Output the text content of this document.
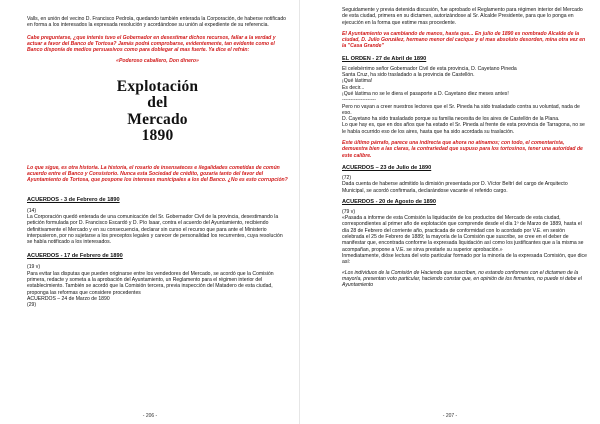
Valls, en unión del vecino D. Francisco Pedrola, quedando también enterada la Corporación, de haberse notificado en forma a los interesados la expresada resolución y acordándose su unión al expediente de su referencia.

Cabe preguntarse, ¿que interés tuvo el Gobernador en desestimar dichos recursos, fallar a la verdad y actuar a favor del Banco de Tortosa? Jamás podrá comprobarse, evidentemente, tan evidente como el Banco disponía de medios persuasivos como para doblegar al mas fuerte. Ya dice el refrán:

«Poderoso caballero, Don dinero»

Explotación

del

Mercado

1890

Lo que sigue, es otra historia. La historia, el rosario de insensateces e ilegalidades cometidas de común acuerdo entre el Banco y Consistorio. Nunca esta Sociedad de crédito, gozaría tanto del favor del Ayuntamiento de Tortosa, que pospone los intereses municipales a los del Banco. ¿No es esto corrupción?

ACUERDOS - 3 de Febrero de 1890

(14)

La Corporación quedó enterada de una comunicación del Sr. Gobernador Civil de la provincia, desestimando la petición formulada por D. Francisco Escardó y D. Pío Isaar, contra el acuerdo del Ayuntamiento, recibiendo definitivamente el Mercado y en su consecuencia, declarar sin curso el recurso que para ante el Ministerio interpusieron, por no sujetarse a los preceptos legales y carecer de personalidad los recurrentes, cuya resolución se había notificado a los interesados.

ACUERDOS - 17 de Febrero de 1890

(19 v)

Para evitar las disputas que pueden originarse entre los vendedores del Mercado, se acordó que la Comisión primera, redacte y someta a la aprobación del Ayuntamiento, un Reglamento para el régimen interior del establecimiento. También se acordó que la Comisión tercera, previa inspección del Matadero de esta ciudad, proponga las reformas que considere procedentes

ACUERDOS – 24 de Marzo de 1890

(29)

- 206 -

Seguidamente y previa detenida discusión, fue aprobado el Reglamento para régimen interior del Mercado de esta ciudad, primera en su dictamen, autorizándose al Sr. Alcalde Presidente, para que lo ponga en ejecución en la forma que estime mas procedente.

El Ayuntamiento va cambiando de manos, hasta que... En julio de 1890 es nombrado Alcalde de la ciudad, D. Julio González, hermano menor del cacique y el mas absoluto desorden, mina otra vez en la "Casa Grande"

EL ORDEN - 27 de Abril de 1890

El celebérrimo señor Gobernador Civil de esta provincia, D. Cayetano Pineda

Santa Cruz, ha sido trasladado a la provincia de Castellón.

¡Qué lástima!

Es decir...

¡Qué lástima no se le diera el pasaporte a D. Cayetano diez meses antes!

--------------------

Pero no vayan a creer nuestros lectores que el Sr. Pineda ha sido trasladado contra su voluntad, nada de eso.

D. Cayetano ha sido trasladado porque su familia necesita de los aires de Castellón de la Plana.

Lo que hay es, que en dos años que ha estado el Sr. Pineda al frente de esta provincia de Tarragona, no se le había ocurrido eso de los aires, hasta que ha sido acordada su traslación.

Este último párrafo, parece una indirecta que ahora no atinamos; con todo, el comentarista, demuestra bien a las claras, la contrariedad que supuso para los tortosinos, tener una autoridad de este calibre.

ACUERDOS – 23 de Julio de 1890

(72)

Dada cuenta de haberse admitido la dimisión presentada por D. Víctor Beltrí del cargo de Arquitecto Municipal, se acordó confirmarla, declarándose vacante el referido cargo.

ACUERDOS - 20 de Agosto de 1890

(79 v)

«Pasada a informe de esta Comisión la liquidación de los productos del Mercado de esta ciudad, correspondientes al primer año de explotación que comprende desde el día 1º de Marzo de 1889, hasta el día 28 de Febrero del corriente año, practicada de conformidad con lo acordado por V.E. en sesión celebrada el 25 de Febrero de 1889; la mayoría de la Comisión que suscribe, se cree en el deber de manifestar que, encontrada conforme la expresada liquidación así como los justificantes que a la misma se acompañan, propone a V.E. se sirva prestarle su superior aprobación.»

Inmediatamente, dióse lectura del voto particular formado por la minoría de la expresada Comisión, que dice así:

«Los individuos de la Comisión de Hacienda que suscriben, no estando conformes con el dictamen de la mayoría, presentan voto particular, haciendo constar que, en opinión de los firmantes, no puede ni debe el Ayuntamiento

- 207 -
